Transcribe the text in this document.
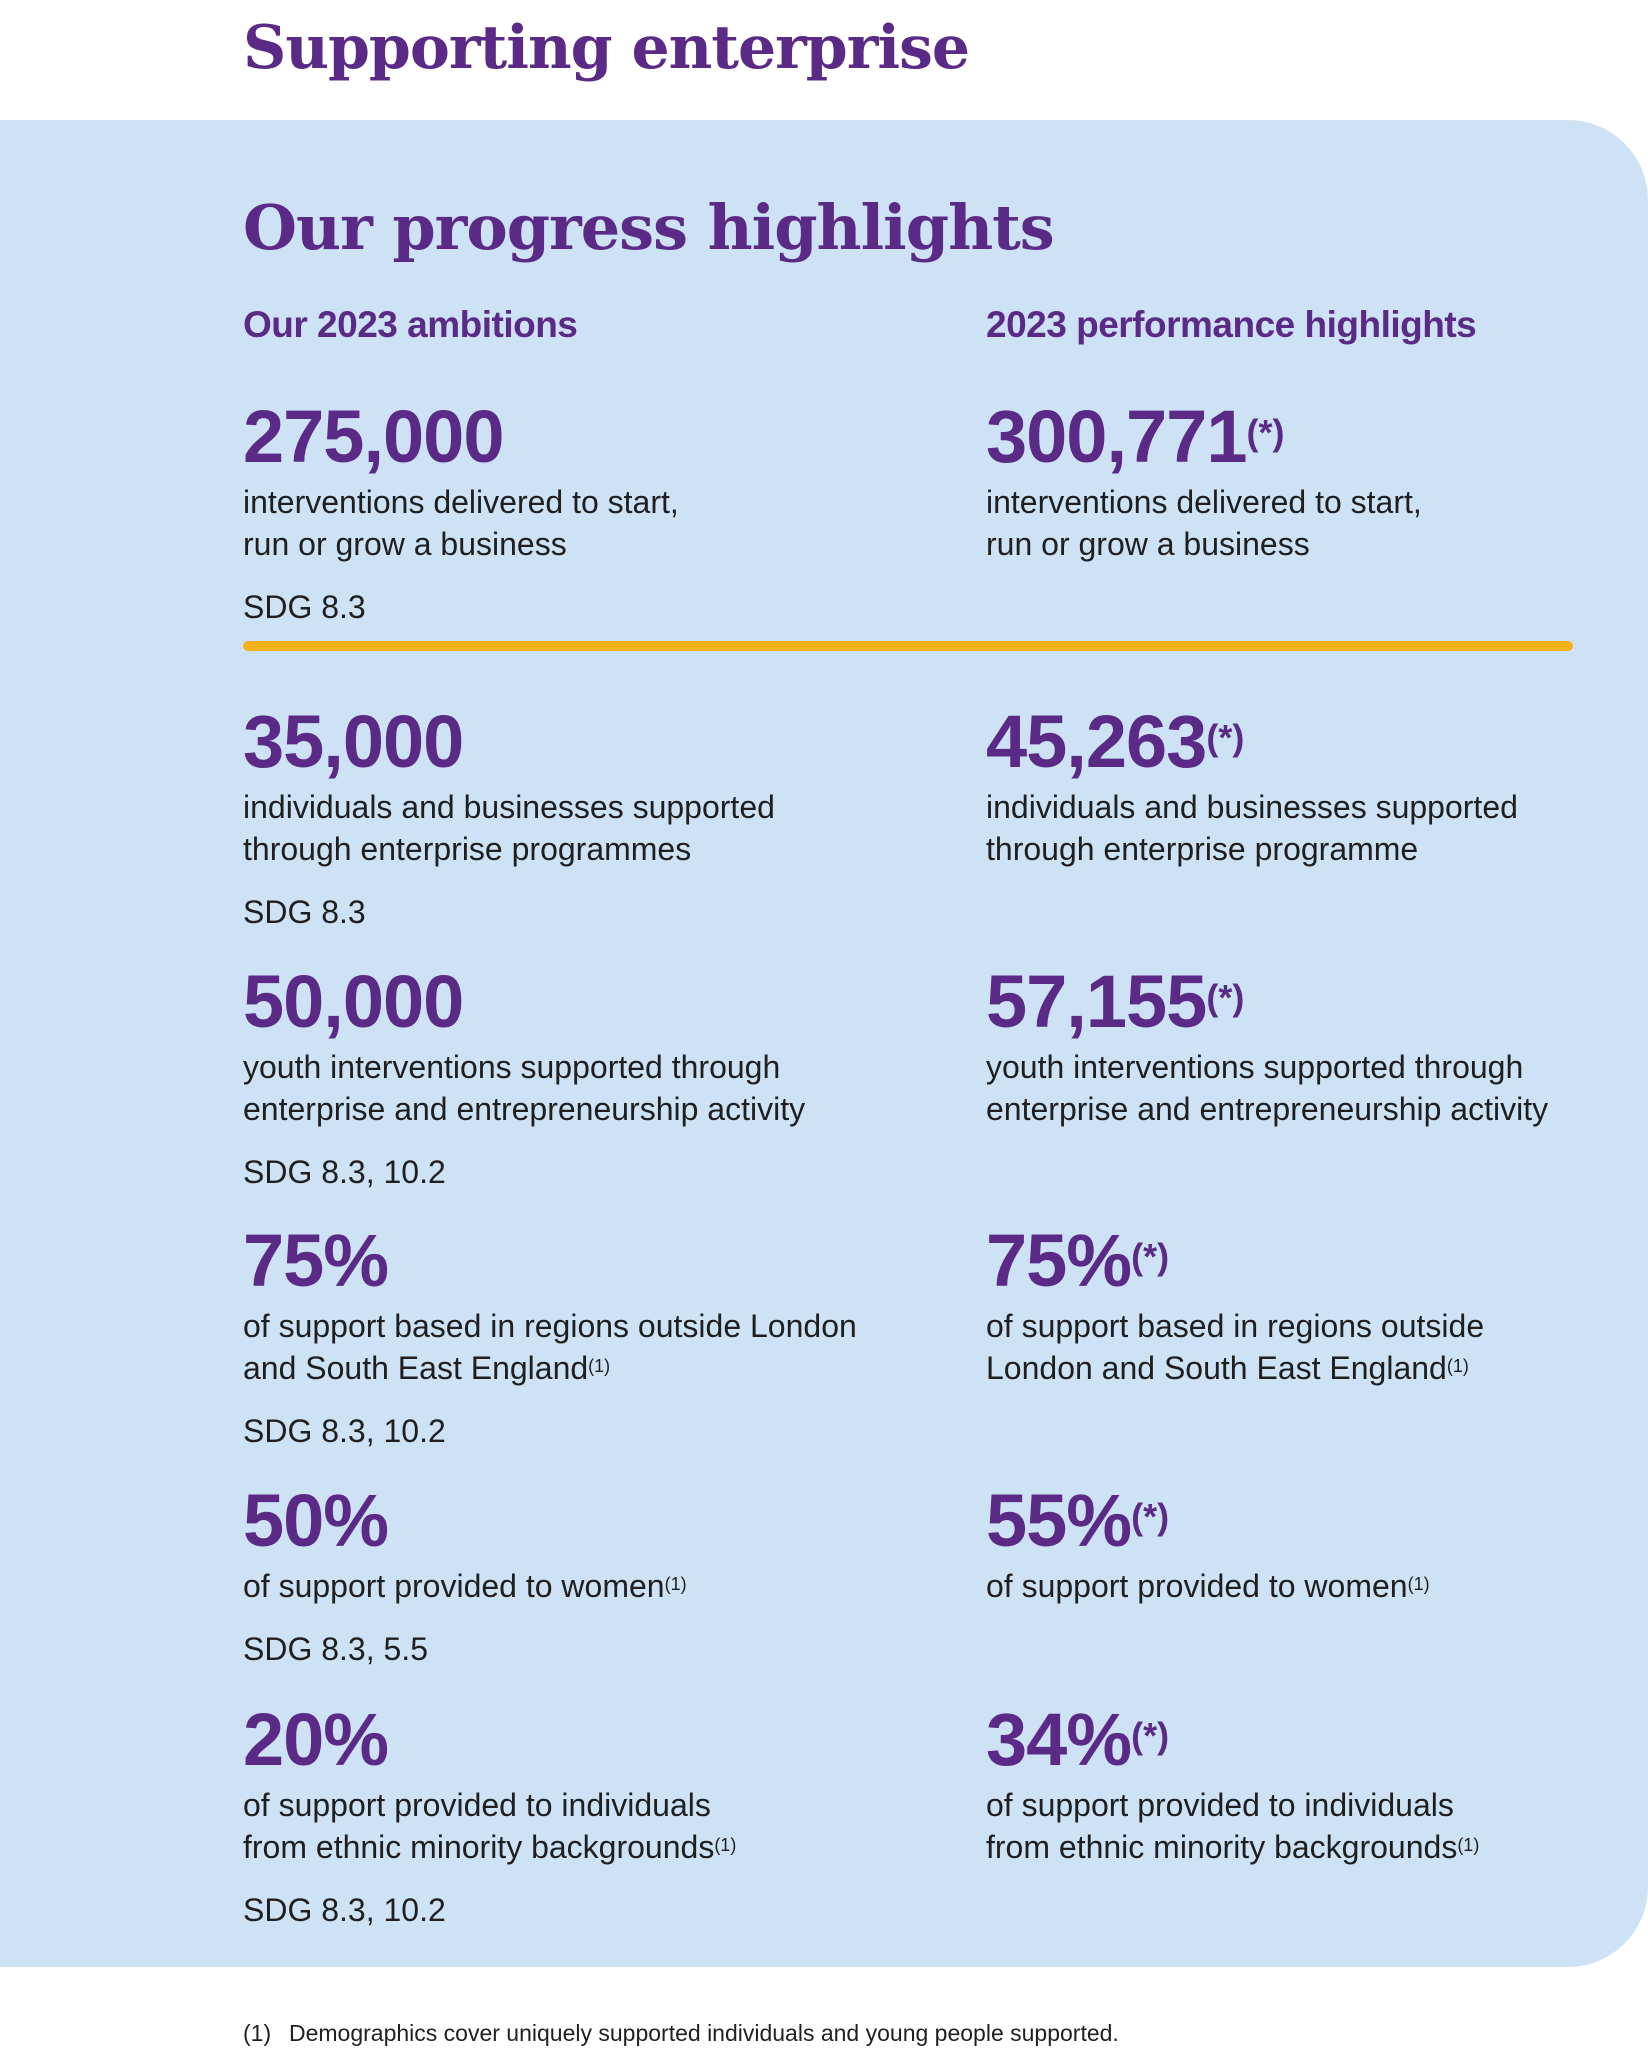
Supporting enterprise
Our progress highlights
Our 2023 ambitions	2023 performance highlights
275,000
interventions delivered to start,
run or grow a business
SDG 8.3
300,771(*)
interventions delivered to start,
run or grow a business
35,000
individuals and businesses supported
through enterprise programmes
SDG 8.3
45,263(*)
individuals and businesses supported
through enterprise programme
50,000
youth interventions supported through
enterprise and entrepreneurship activity
SDG 8.3, 10.2
57,155(*)
youth interventions supported through
enterprise and entrepreneurship activity
75%
of support based in regions outside London
and South East England$^{(1)}$
SDG 8.3, 10.2
75%(*)
of support based in regions outside
London and South East England$^{(1)}$
50%
of support provided to women$^{(1)}$
SDG 8.3, 5.5
55%(*)
of support provided to women$^{(1)}$
20%
of support provided to individuals
from ethnic minority backgrounds$^{(1)}$
SDG 8.3, 10.2
34%(*)
of support provided to individuals
from ethnic minority backgrounds$^{(1)}$
(1) Demographics cover uniquely supported individuals and young people supported.
